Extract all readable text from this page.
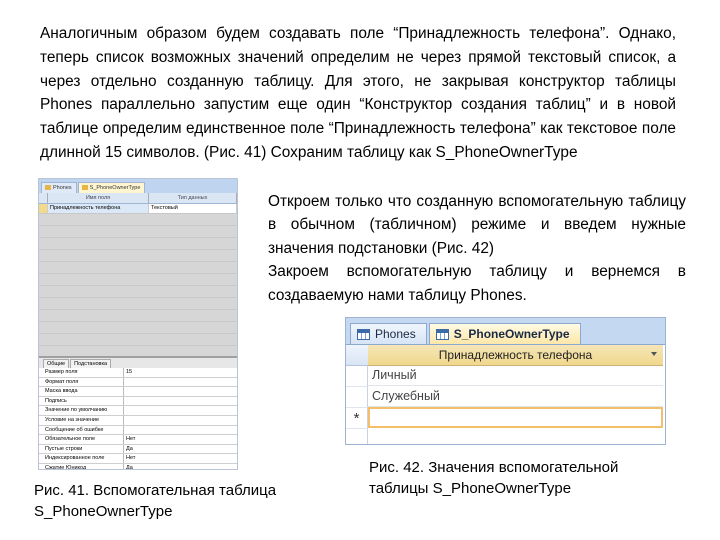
Аналогичным образом будем создавать поле “Принадлежность телефона”. Однако, теперь список возможных значений определим не через прямой текстовый список, а через отдельно созданную таблицу. Для этого, не закрывая конструктор таблицы Phones параллельно запустим еще один “Конструктор создания таблиц” и в новой таблице определим единственное поле “Принадлежность телефона” как текстовое поле длинной 15 символов. (Рис. 41) Сохраним таблицу как S_PhoneOwnerType

Phones	S_PhoneOwnerType
Имя поля	Тип данных
Принадлежность телефона	Текстовый
Общие	Подстановка
Размер поля	15
Формат поля
Маска ввода
Подпись
Значение по умолчанию
Условие на значение
Сообщение об ошибке
Обязательное поле	Нет
Пустые строки	Да
Индексированное поле	Нет
Сжатие Юникод	Да
Откроем только что созданную вспомогательную таблицу в обычном (табличном) режиме и введем нужные значения подстановки (Рис. 42)
Закроем вспомогательную таблицу и вернемся в создаваемую нами таблицу Phones.
Phones	S_PhoneOwnerType
*
Принадлежность телефона
Личный
Служебный
Рис. 42. Значения вспомогательной таблицы S_PhoneOwnerType
Рис. 41. Вспомогательная таблица S_PhoneOwnerType
